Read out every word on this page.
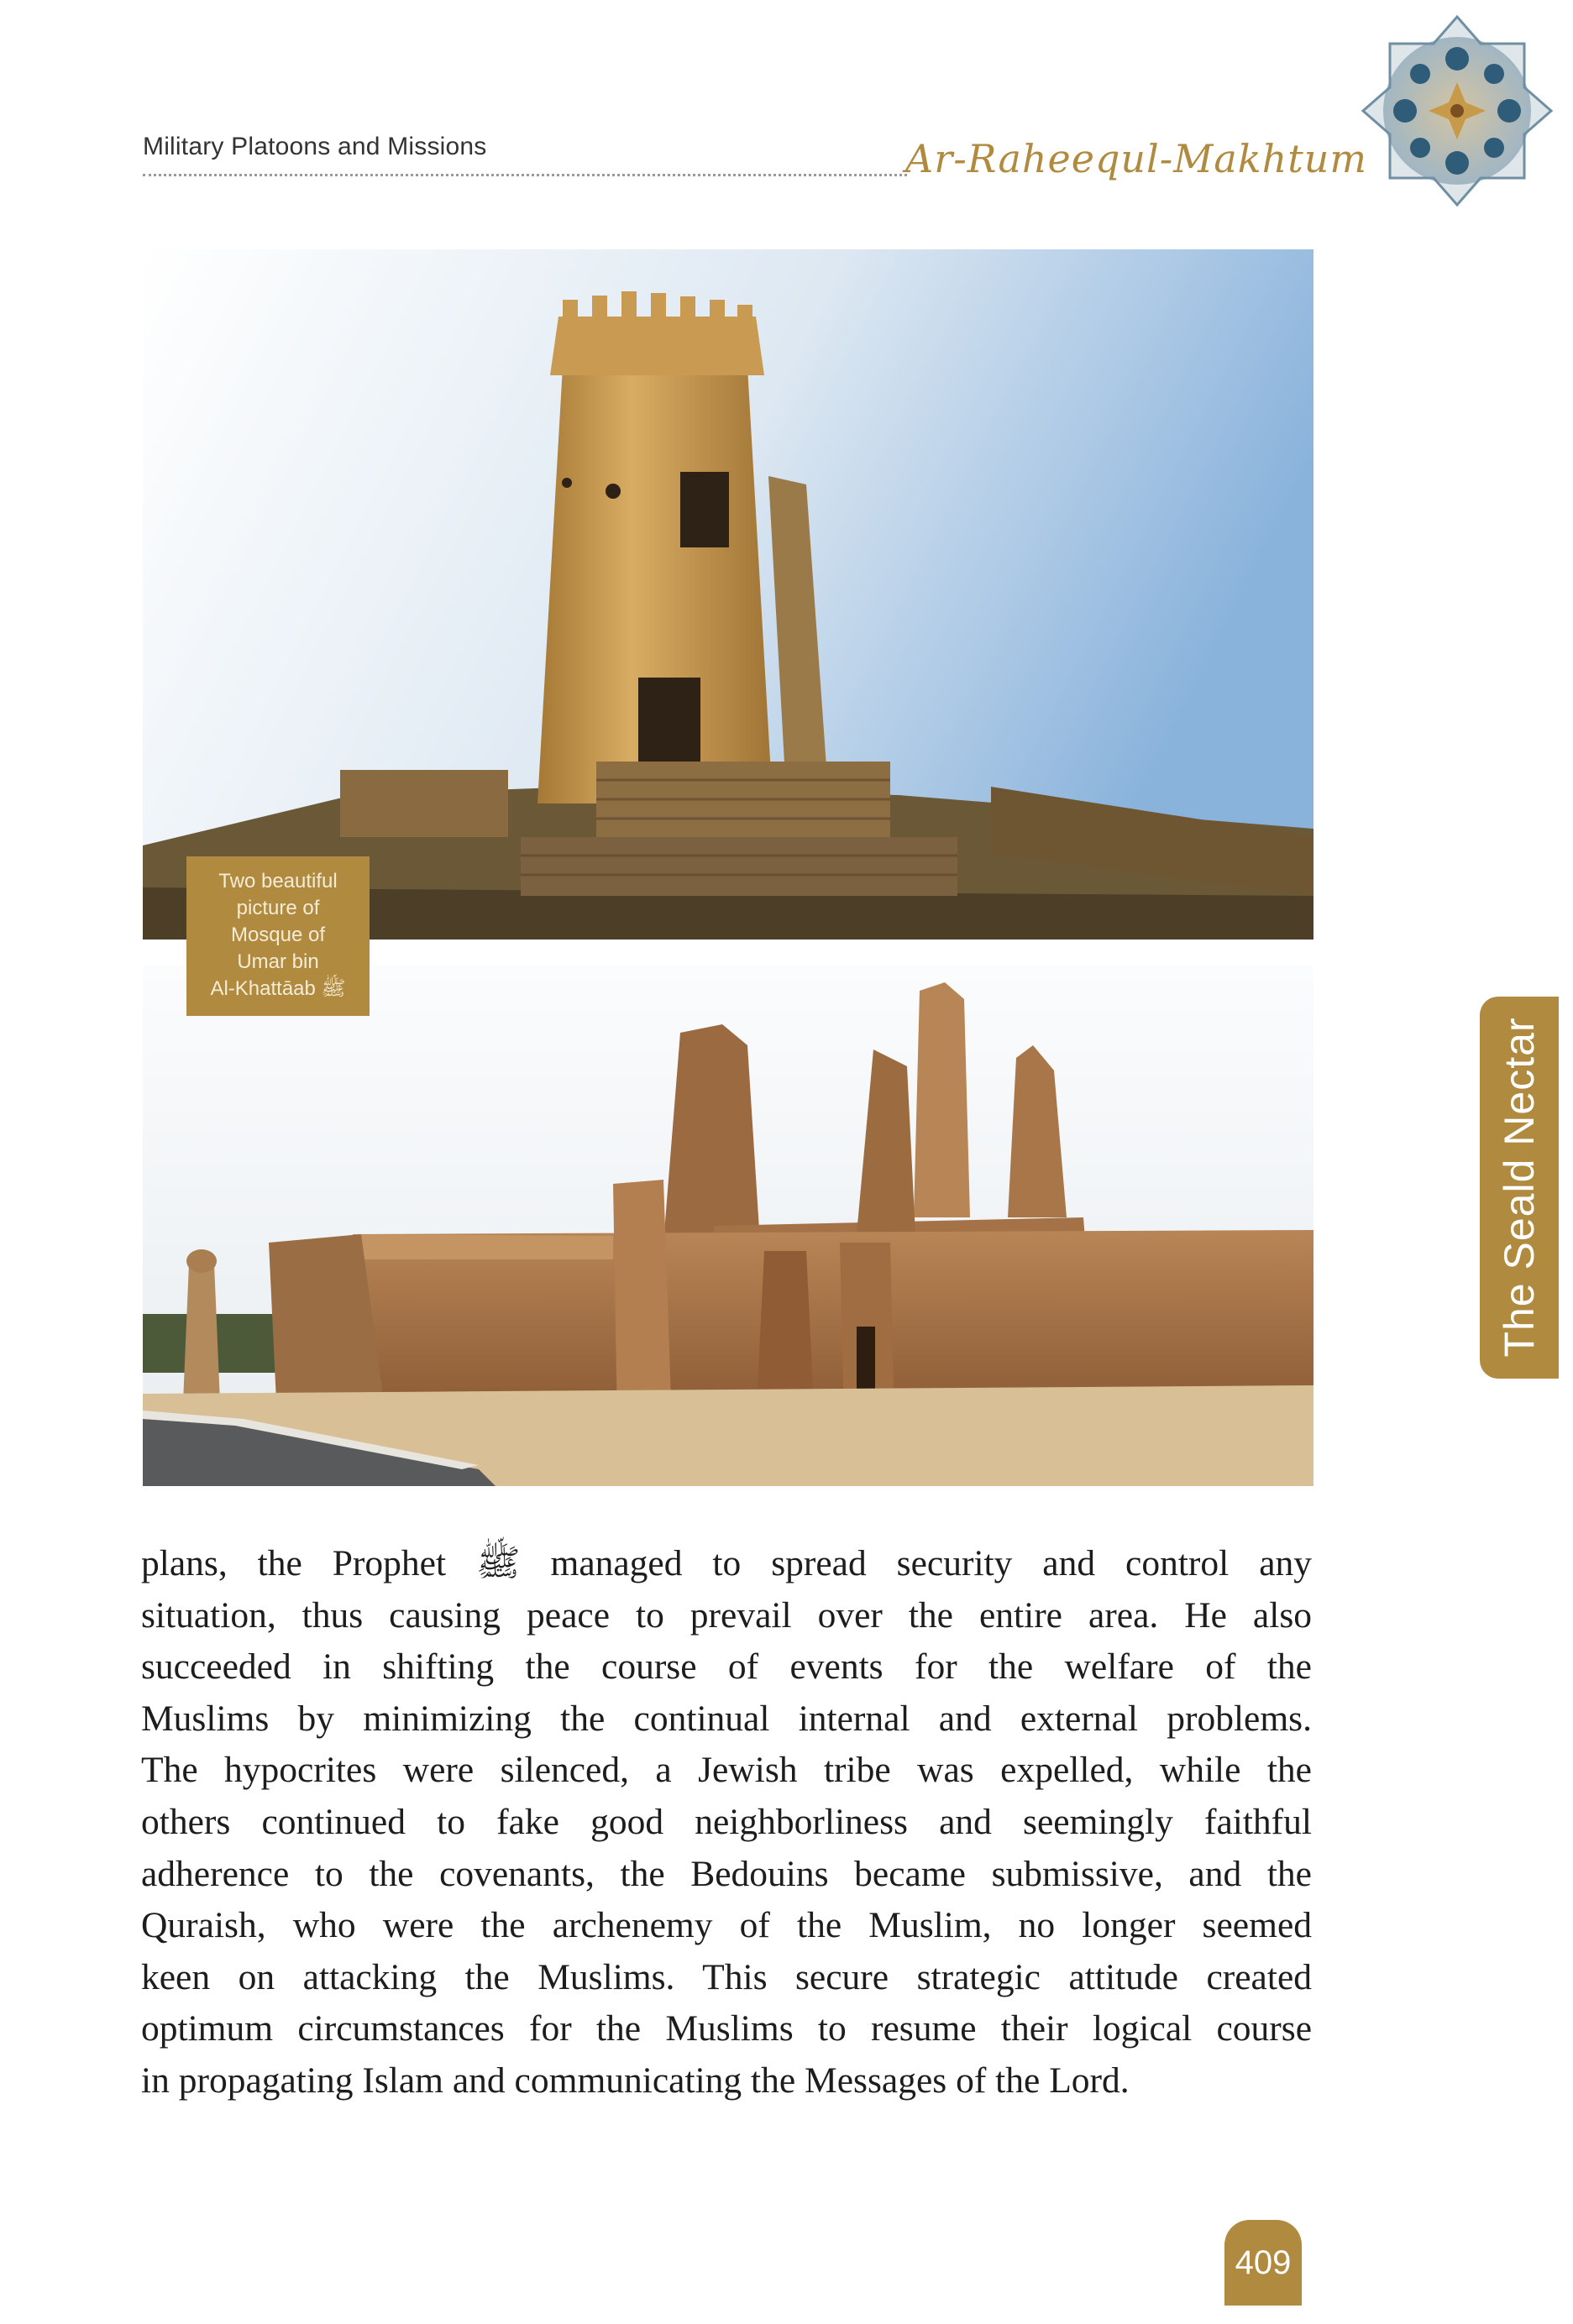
Military Platoons and Missions	Ar-Raheequl-Makhtum
Two beautiful
picture of
Mosque of
Umar bin
Al-Khattāab ﷺ
The Seald Nectar
plans, the Prophet ﷺ managed to spread security and control any
situation, thus causing peace to prevail over the entire area. He also
succeeded in shifting the course of events for the welfare of the
Muslims by minimizing the continual internal and external problems.
The hypocrites were silenced, a Jewish tribe was expelled, while the
others continued to fake good neighborliness and seemingly faithful
adherence to the covenants, the Bedouins became submissive, and the
Quraish, who were the archenemy of the Muslim, no longer seemed
keen on attacking the Muslims. This secure strategic attitude created
optimum circumstances for the Muslims to resume their logical course
in propagating Islam and communicating the Messages of the Lord.
409
